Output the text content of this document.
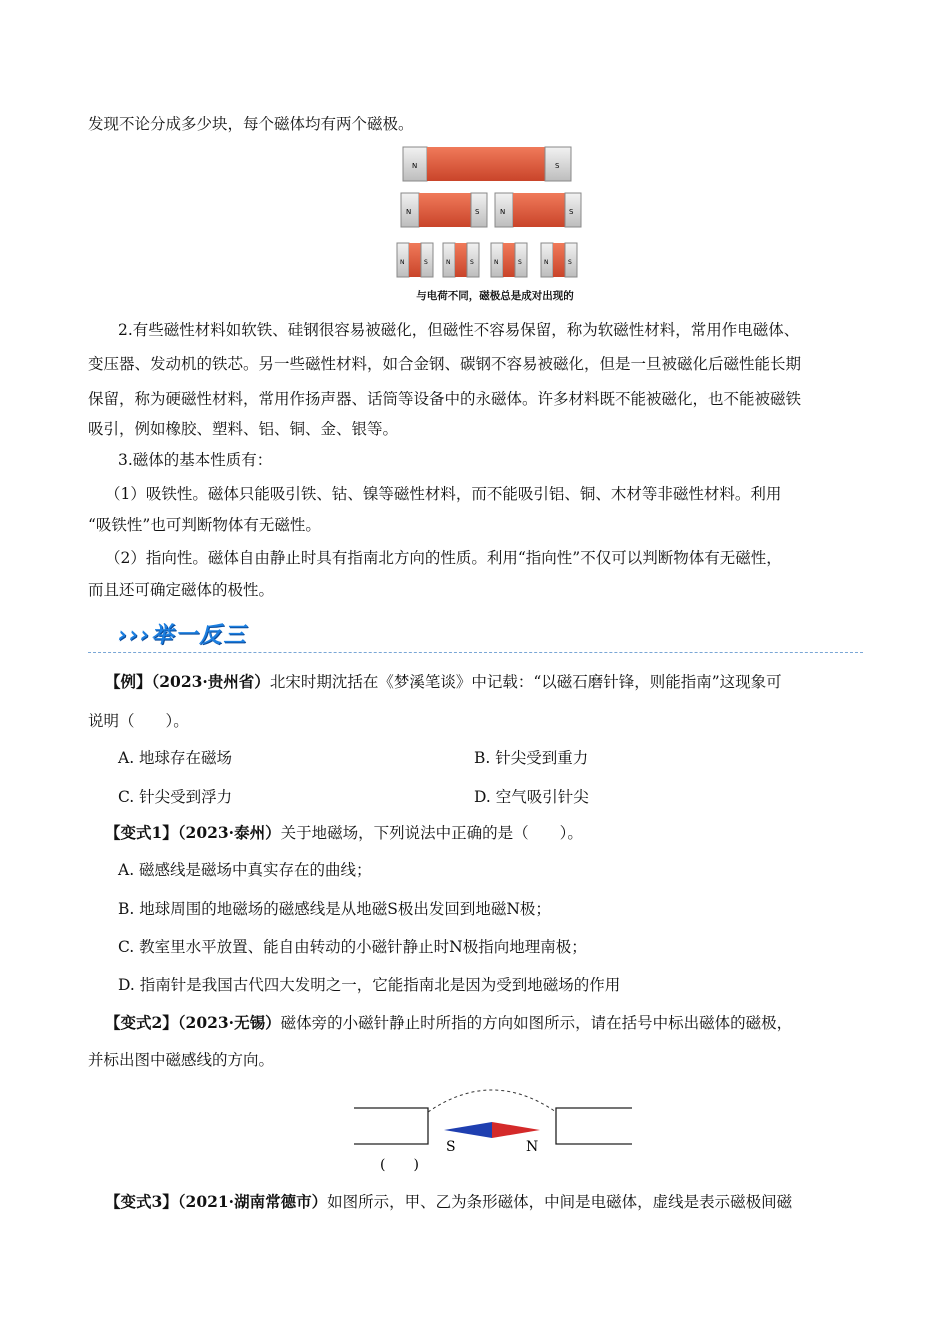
发现不论分成多少块，每个磁体均有两个磁极。
N	S
N	S	N	S
N	S	N	S	N	S	N	S
与电荷不同，磁极总是成对出现的
2.有些磁性材料如软铁、硅钢很容易被磁化，但磁性不容易保留，称为软磁性材料，常用作电磁体、
变压器、发动机的铁芯。另一些磁性材料，如合金钢、碳钢不容易被磁化，但是一旦被磁化后磁性能长期
保留，称为硬磁性材料，常用作扬声器、话筒等设备中的永磁体。许多材料既不能被磁化，也不能被磁铁
吸引，例如橡胶、塑料、铝、铜、金、银等。
3.磁体的基本性质有：
（1）吸铁性。磁体只能吸引铁、钴、镍等磁性材料，而不能吸引铝、铜、木材等非磁性材料。利用
“吸铁性”也可判断物体有无磁性。
（2）指向性。磁体自由静止时具有指南北方向的性质。利用“指向性”不仅可以判断物体有无磁性，
而且还可确定磁体的极性。
›››举一反三
【例】（2023·贵州省）北宋时期沈括在《梦溪笔谈》中记载：“以磁石磨针锋，则能指南”这现象可
说明（　　）。
A. 地球存在磁场	B. 针尖受到重力
C. 针尖受到浮力	D. 空气吸引针尖
【变式1】（2023·泰州）关于地磁场，下列说法中正确的是（　　）。
A. 磁感线是磁场中真实存在的曲线；
B. 地球周围的地磁场的磁感线是从地磁S极出发回到地磁N极；
C. 教室里水平放置、能自由转动的小磁针静止时N极指向地理南极；
D. 指南针是我国古代四大发明之一，它能指南北是因为受到地磁场的作用
【变式2】（2023·无锡）磁体旁的小磁针静止时所指的方向如图所示，请在括号中标出磁体的磁极，
并标出图中磁感线的方向。
S	N
(　　)
【变式3】（2021·湖南常德市）如图所示，甲、乙为条形磁体，中间是电磁体，虚线是表示磁极间磁
